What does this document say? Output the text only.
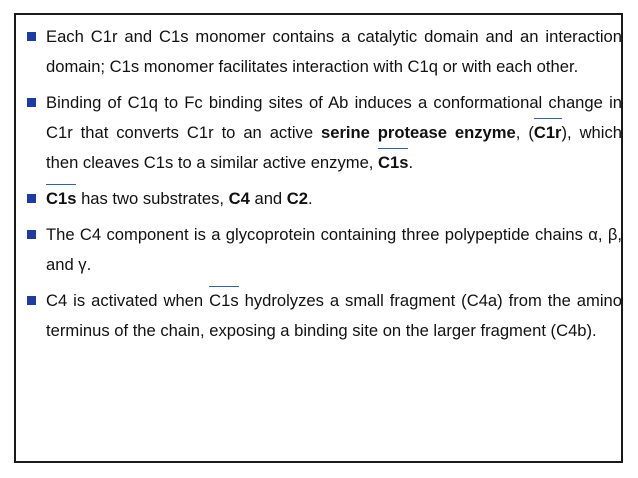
Each C1r and C1s monomer contains a catalytic domain and an interaction domain; C1s monomer facilitates interaction with C1q or with each other.
Binding of C1q to Fc binding sites of Ab induces a conformational change in C1r that converts C1r to an active serine protease enzyme, (C1r), which then cleaves C1s to a similar active enzyme, C1s.
C1s has two substrates, C4 and C2.
The C4 component is a glycoprotein containing three polypeptide chains α, β, and γ.
C4 is activated when C1s hydrolyzes a small fragment (C4a) from the amino terminus of the chain, exposing a binding site on the larger fragment (C4b).
